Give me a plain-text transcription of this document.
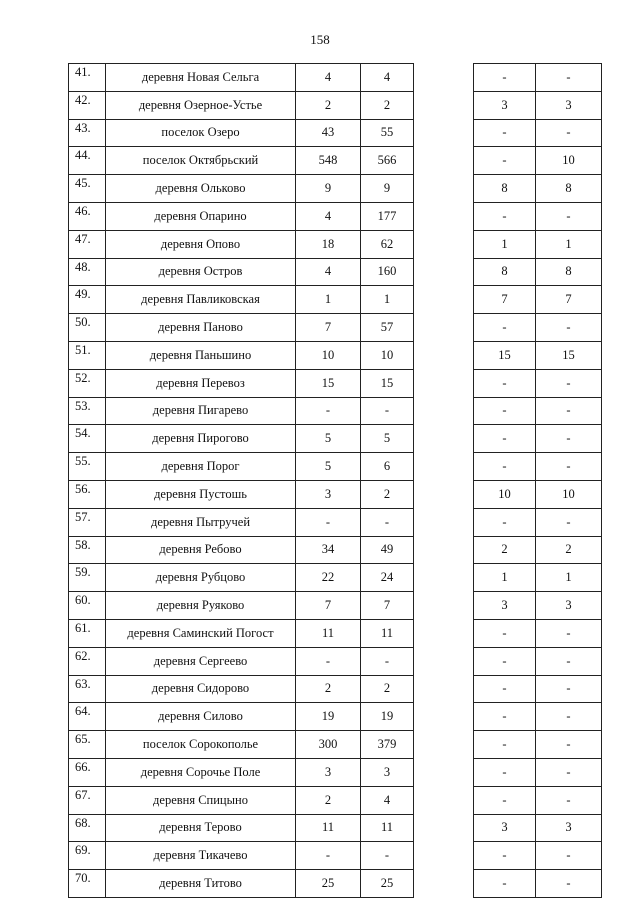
158
41.	деревня Новая Сельга	4	4		-	-
42.	деревня Озерное-Устье	2	2		3	3
43.	поселок Озеро	43	55		-	-
44.	поселок Октябрьский	548	566		-	10
45.	деревня Ольково	9	9		8	8
46.	деревня Опарино	4	177		-	-
47.	деревня Опово	18	62		1	1
48.	деревня Остров	4	160		8	8
49.	деревня Павликовская	1	1		7	7
50.	деревня Паново	7	57		-	-
51.	деревня Паньшино	10	10		15	15
52.	деревня Перевоз	15	15		-	-
53.	деревня Пигарево	-	-		-	-
54.	деревня Пирогово	5	5		-	-
55.	деревня Порог	5	6		-	-
56.	деревня Пустошь	3	2		10	10
57.	деревня Пытручей	-	-		-	-
58.	деревня Ребово	34	49		2	2
59.	деревня Рубцово	22	24		1	1
60.	деревня Руяково	7	7		3	3
61.	деревня Саминский Погост	11	11		-	-
62.	деревня Сергеево	-	-		-	-
63.	деревня Сидорово	2	2		-	-
64.	деревня Силово	19	19		-	-
65.	поселок Сорокополье	300	379		-	-
66.	деревня Сорочье Поле	3	3		-	-
67.	деревня Спицыно	2	4		-	-
68.	деревня Терово	11	11		3	3
69.	деревня Тикачево	-	-		-	-
70.	деревня Титово	25	25		-	-
